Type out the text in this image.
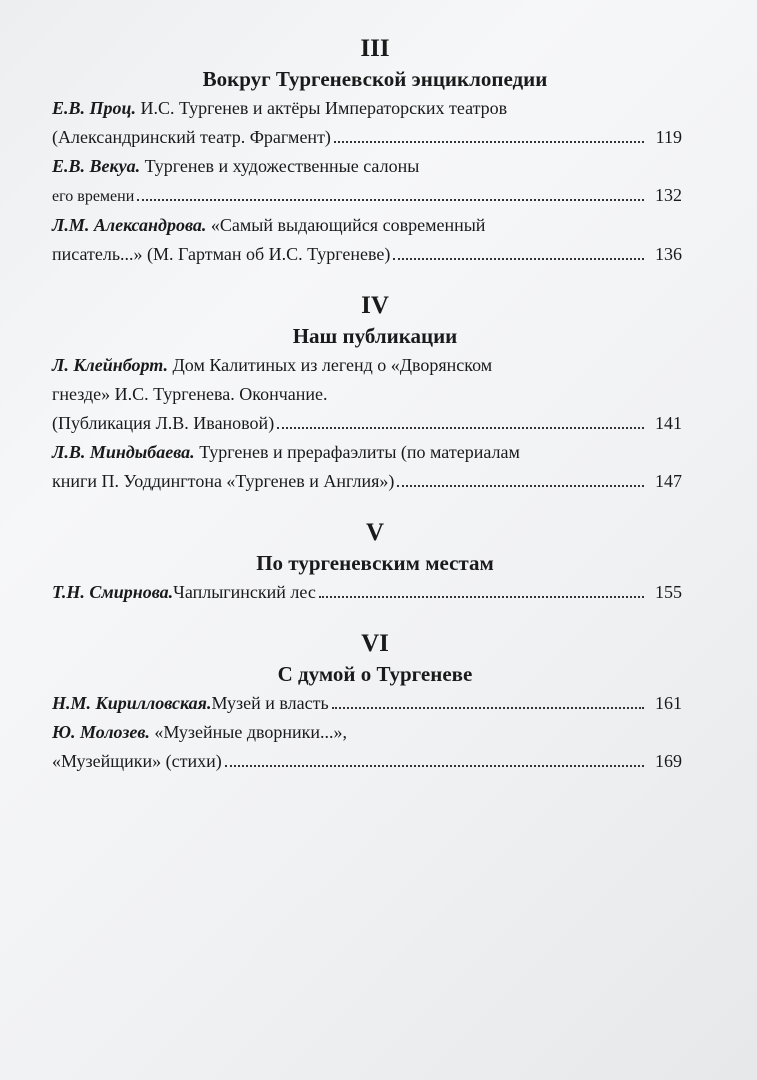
III
Вокруг Тургеневской энциклопедии
Е.В. Проц. И.С. Тургенев и актёры Императорских театров
(Александринский театр. Фрагмент)	119
Е.В. Векуа. Тургенев и художественные салоны
его времени	132
Л.М. Александрова. «Самый выдающийся современный
писатель...» (М. Гартман об И.С. Тургеневе)	136
IV
Наш публикации
Л. Клейнборт. Дом Калитиных из легенд о «Дворянском
гнезде» И.С. Тургенева. Окончание.
(Публикация Л.В. Ивановой)	141
Л.В. Миндыбаева. Тургенев и прерафаэлиты (по материалам
книги П. Уоддингтона «Тургенев и Англия»)	147
V
По тургеневским местам
Т.Н. Смирнова. Чаплыгинский лес	155
VI
С думой о Тургеневе
Н.М. Кирилловская. Музей и власть	161
Ю. Молозев. «Музейные дворники...»,
«Музейщики» (стихи)	169
